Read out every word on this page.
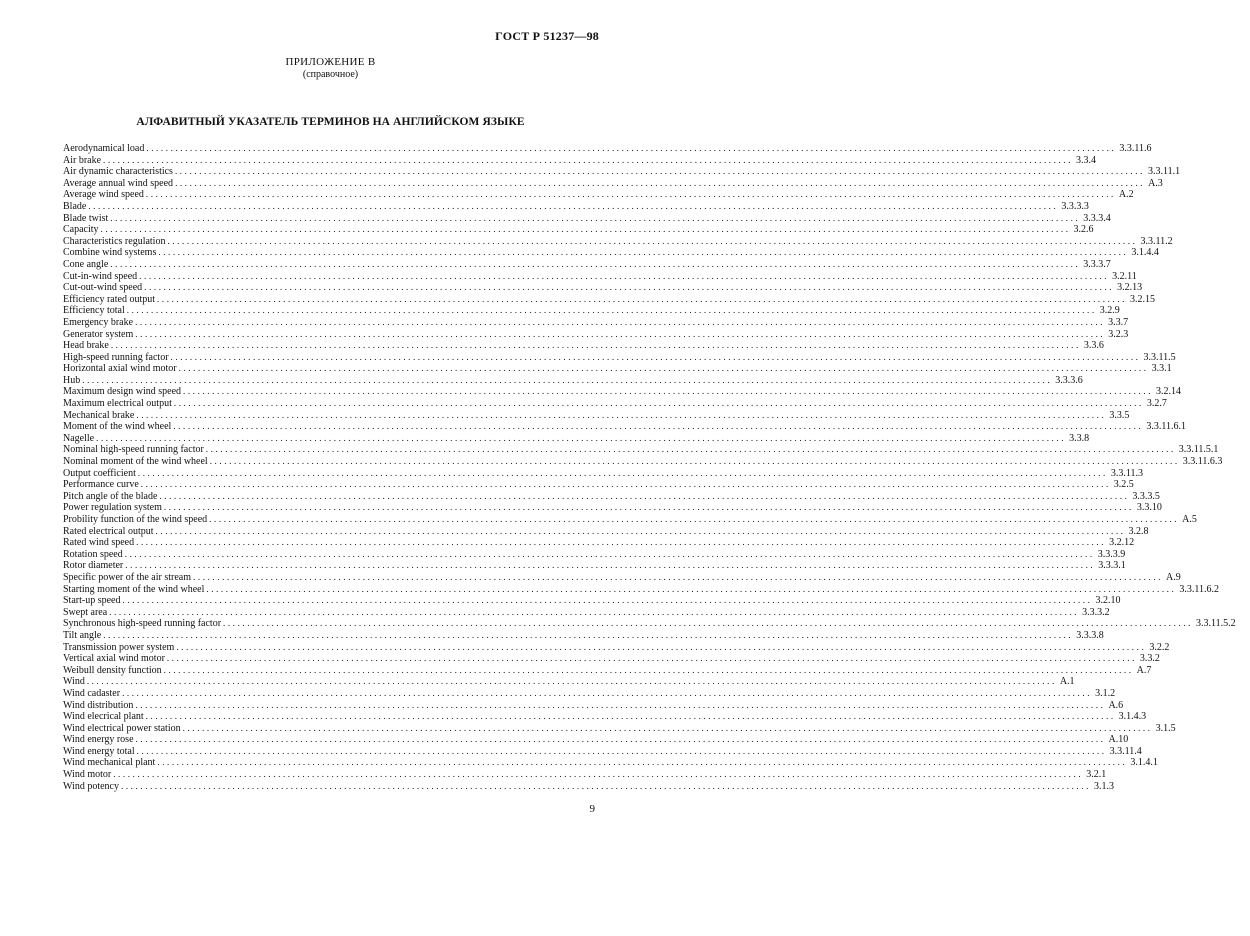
ГОСТ Р 51237—98
ПРИЛОЖЕНИЕ В
(справочное)
АЛФАВИТНЫЙ УКАЗАТЕЛЬ ТЕРМИНОВ НА АНГЛИЙСКОМ ЯЗЫКЕ
Aerodynamical load ........................................................................................................................................................................................................ 3.3.11.6
Air brake ........................................................................................................................................................................................................ 3.3.4
Air dynamic characteristics ........................................................................................................................................................................................................ 3.3.11.1
Average annual wind speed ........................................................................................................................................................................................................ A.3
Average wind speed ........................................................................................................................................................................................................ A.2
Blade ........................................................................................................................................................................................................ 3.3.3.3
Blade twist ........................................................................................................................................................................................................ 3.3.3.4
Capacity ........................................................................................................................................................................................................ 3.2.6
Characteristics regulation ........................................................................................................................................................................................................ 3.3.11.2
Combine wind systems ........................................................................................................................................................................................................ 3.1.4.4
Cone angle ........................................................................................................................................................................................................ 3.3.3.7
Cut-in-wind speed ........................................................................................................................................................................................................ 3.2.11
Cut-out-wind speed ........................................................................................................................................................................................................ 3.2.13
Efficiency rated output ........................................................................................................................................................................................................ 3.2.15
Efficiency total ........................................................................................................................................................................................................ 3.2.9
Emergency brake ........................................................................................................................................................................................................ 3.3.7
Generator system ........................................................................................................................................................................................................ 3.2.3
Head brake ........................................................................................................................................................................................................ 3.3.6
High-speed running factor ........................................................................................................................................................................................................ 3.3.11.5
Horizontal axial wind motor ........................................................................................................................................................................................................ 3.3.1
Hub ........................................................................................................................................................................................................ 3.3.3.6
Maximum design wind speed ........................................................................................................................................................................................................ 3.2.14
Maximum electrical output ........................................................................................................................................................................................................ 3.2.7
Mechanical brake ........................................................................................................................................................................................................ 3.3.5
Moment of the wind wheel ........................................................................................................................................................................................................ 3.3.11.6.1
Nagelle ........................................................................................................................................................................................................ 3.3.8
Nominal high-speed running factor ........................................................................................................................................................................................................ 3.3.11.5.1
Nominal moment of the wind wheel ........................................................................................................................................................................................................ 3.3.11.6.3
Output coefficient ........................................................................................................................................................................................................ 3.3.11.3
Performance curve ........................................................................................................................................................................................................ 3.2.5
Pitch angle of the blade ........................................................................................................................................................................................................ 3.3.3.5
Power regulation system ........................................................................................................................................................................................................ 3.3.10
Probility function of the wind speed ........................................................................................................................................................................................................ A.5
Rated electrical output ........................................................................................................................................................................................................ 3.2.8
Rated wind speed ........................................................................................................................................................................................................ 3.2.12
Rotation speed ........................................................................................................................................................................................................ 3.3.3.9
Rotor diameter ........................................................................................................................................................................................................ 3.3.3.1
Specific power of the air stream ........................................................................................................................................................................................................ A.9
Starting moment of the wind wheel ........................................................................................................................................................................................................ 3.3.11.6.2
Start-up speed ........................................................................................................................................................................................................ 3.2.10
Swept area ........................................................................................................................................................................................................ 3.3.3.2
Synchronous high-speed running factor ........................................................................................................................................................................................................ 3.3.11.5.2
Tilt angle ........................................................................................................................................................................................................ 3.3.3.8
Transmission power system ........................................................................................................................................................................................................ 3.2.2
Vertical axial wind motor ........................................................................................................................................................................................................ 3.3.2
Weibull density function ........................................................................................................................................................................................................ A.7
Wind ........................................................................................................................................................................................................ A.1
Wind cadaster ........................................................................................................................................................................................................ 3.1.2
Wind distribution ........................................................................................................................................................................................................ A.6
Wind elecrical plant ........................................................................................................................................................................................................ 3.1.4.3
Wind electrical power station ........................................................................................................................................................................................................ 3.1.5
Wind energy rose ........................................................................................................................................................................................................ A.10
Wind energy total ........................................................................................................................................................................................................ 3.3.11.4
Wind mechanical plant ........................................................................................................................................................................................................ 3.1.4.1
Wind motor ........................................................................................................................................................................................................ 3.2.1
Wind potency ........................................................................................................................................................................................................ 3.1.3
9
